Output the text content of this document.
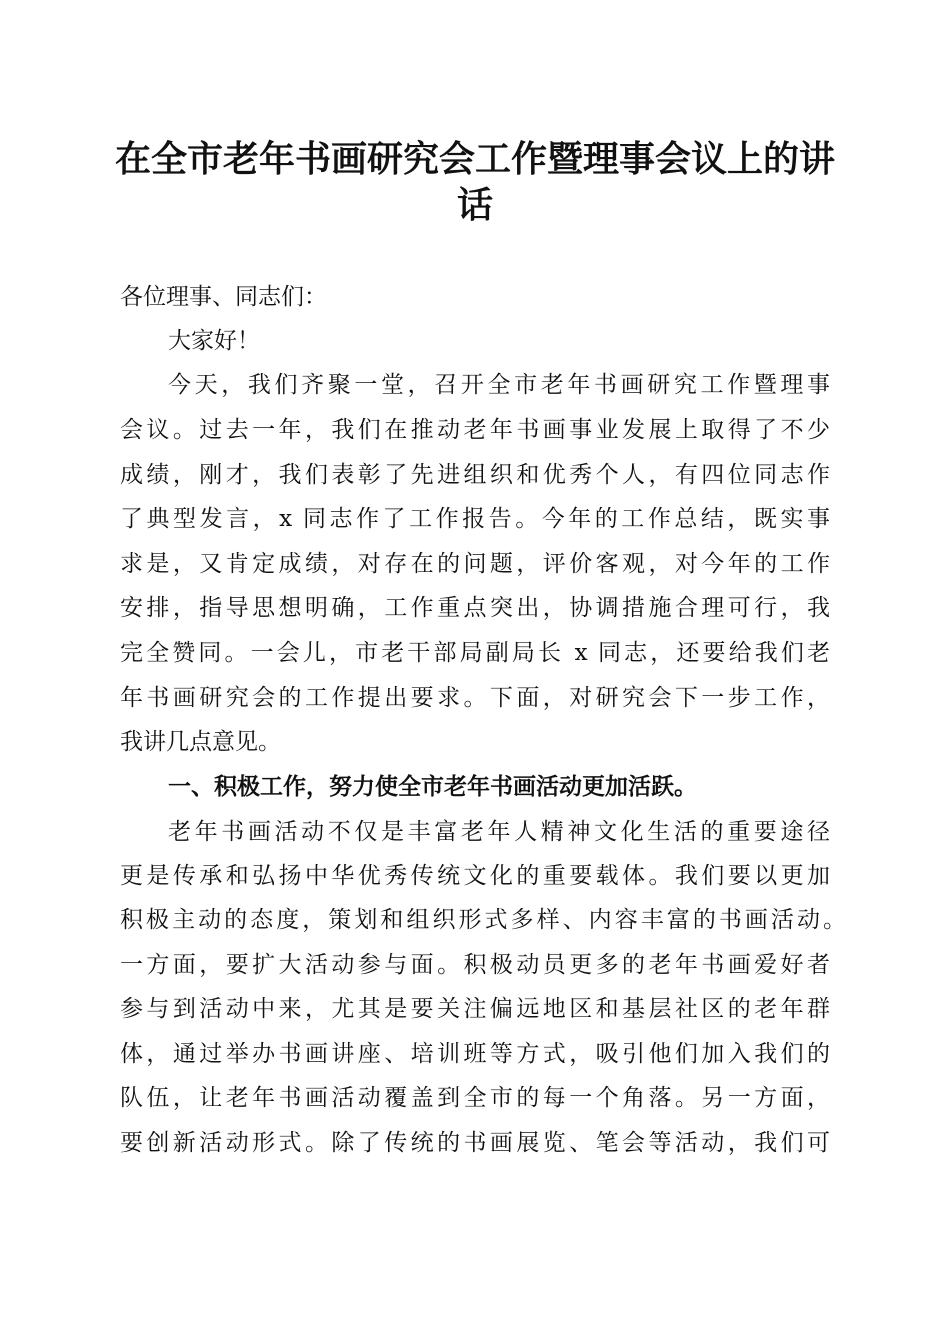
在全市老年书画研究会工作暨理事会议上的讲
话
各位理事、同志们：
大家好！
今天，我们齐聚一堂，召开全市老年书画研究工作暨理事
会议。过去一年，我们在推动老年书画事业发展上取得了不少
成绩，刚才，我们表彰了先进组织和优秀个人，有四位同志作
了典型发言，x 同志作了工作报告。今年的工作总结，既实事
求是，又肯定成绩，对存在的问题，评价客观，对今年的工作
安排，指导思想明确，工作重点突出，协调措施合理可行，我
完全赞同。一会儿，市老干部局副局长 x 同志，还要给我们老
年书画研究会的工作提出要求。下面，对研究会下一步工作，
我讲几点意见。
一、积极工作，努力使全市老年书画活动更加活跃。
老年书画活动不仅是丰富老年人精神文化生活的重要途径
更是传承和弘扬中华优秀传统文化的重要载体。我们要以更加
积极主动的态度，策划和组织形式多样、内容丰富的书画活动。
一方面，要扩大活动参与面。积极动员更多的老年书画爱好者
参与到活动中来，尤其是要关注偏远地区和基层社区的老年群
体，通过举办书画讲座、培训班等方式，吸引他们加入我们的
队伍，让老年书画活动覆盖到全市的每一个角落。另一方面，
要创新活动形式。除了传统的书画展览、笔会等活动，我们可
